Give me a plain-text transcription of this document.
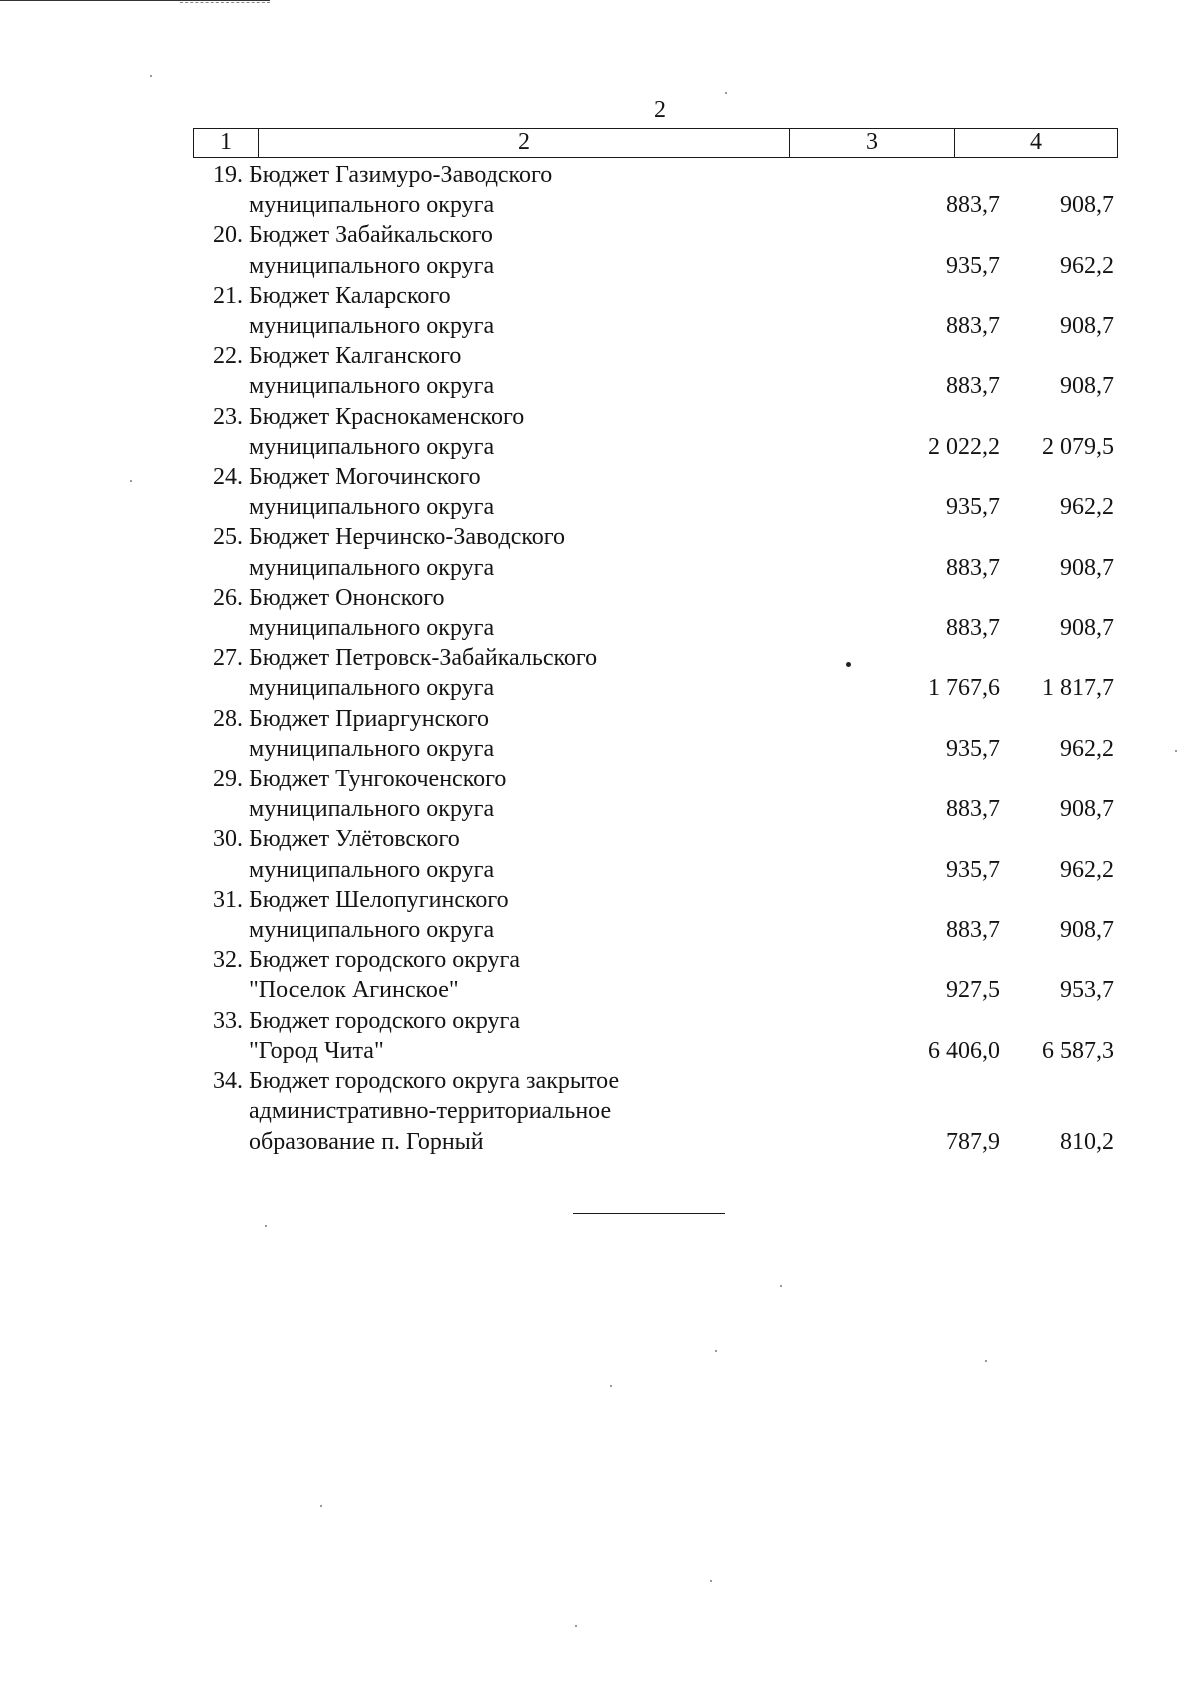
2
1	2	3	4
19. Бюджет Газимуро-Заводского
муниципального округа	883,7	908,7
20. Бюджет Забайкальского
муниципального округа	935,7	962,2
21. Бюджет Каларского
муниципального округа	883,7	908,7
22. Бюджет Калганского
муниципального округа	883,7	908,7
23. Бюджет Краснокаменского
муниципального округа	2 022,2	2 079,5
24. Бюджет Могочинского
муниципального округа	935,7	962,2
25. Бюджет Нерчинско-Заводского
муниципального округа	883,7	908,7
26. Бюджет Ононского
муниципального округа	883,7	908,7
27. Бюджет Петровск-Забайкальского
муниципального округа	1 767,6	1 817,7
28. Бюджет Приаргунского
муниципального округа	935,7	962,2
29. Бюджет Тунгокоченского
муниципального округа	883,7	908,7
30. Бюджет Улётовского
муниципального округа	935,7	962,2
31. Бюджет Шелопугинского
муниципального округа	883,7	908,7
32. Бюджет городского округа
"Поселок Агинское"	927,5	953,7
33. Бюджет городского округа
"Город Чита"	6 406,0	6 587,3
34. Бюджет городского округа закрытое
административно-территориальное
образование п. Горный	787,9	810,2
